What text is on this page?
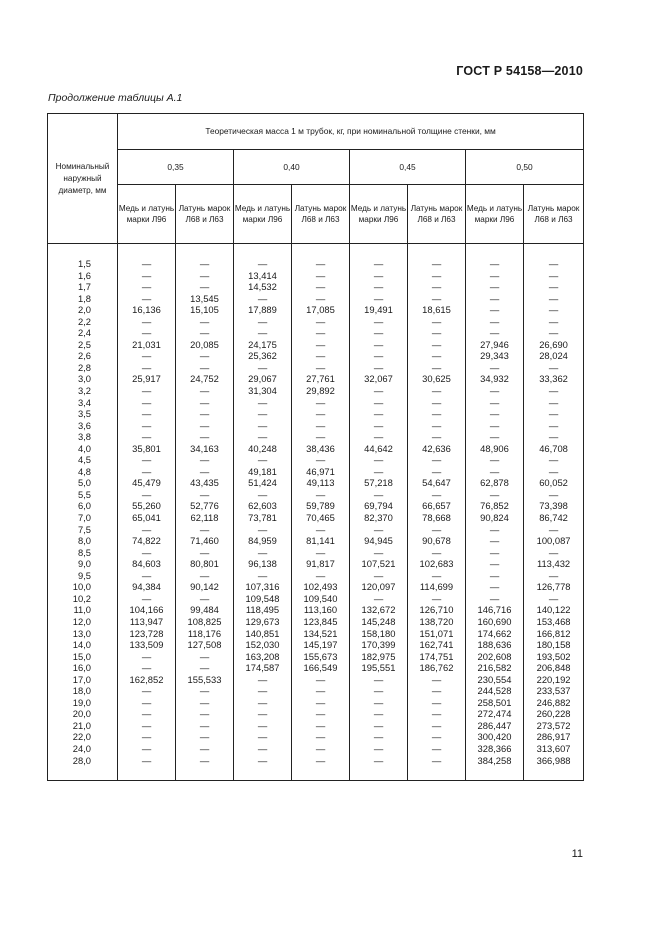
ГОСТ Р 54158—2010
Продолжение таблицы А.1
Номинальный наружный диаметр, мм	Теоретическая масса 1 м трубок, кг, при номинальной толщине стенки, мм							
	0,35		0,40		0,45		0,50	
	Медь и латунь марки Л96	Латунь марок Л68 и Л63	Медь и латунь марки Л96	Латунь марок Л68 и Л63	Медь и латунь марки Л96	Латунь марок Л68 и Л63	Медь и латунь марки Л96	Латунь марок Л68 и Л63

1,5	—	—	—	—	—	—	—	—
1,6	—	—	13,414	—	—	—	—	—
1,7	—	—	14,532	—	—	—	—	—
1,8	—	13,545	—	—	—	—	—	—
2,0	16,136	15,105	17,889	17,085	19,491	18,615	—	—
2,2	—	—	—	—	—	—	—	—
2,4	—	—	—	—	—	—	—	—
2,5	21,031	20,085	24,175	—	—	—	27,946	26,690
2,6	—	—	25,362	—	—	—	29,343	28,024
2,8	—	—	—	—	—	—	—	—
3,0	25,917	24,752	29,067	27,761	32,067	30,625	34,932	33,362
3,2	—	—	31,304	29,892	—	—	—	—
3,4	—	—	—	—	—	—	—	—
3,5	—	—	—	—	—	—	—	—
3,6	—	—	—	—	—	—	—	—
3,8	—	—	—	—	—	—	—	—
4,0	35,801	34,163	40,248	38,436	44,642	42,636	48,906	46,708
4,5	—	—	—	—	—	—	—	—
4,8	—	—	49,181	46,971	—	—	—	—
5,0	45,479	43,435	51,424	49,113	57,218	54,647	62,878	60,052
5,5	—	—	—	—	—	—	—	—
6,0	55,260	52,776	62,603	59,789	69,794	66,657	76,852	73,398
7,0	65,041	62,118	73,781	70,465	82,370	78,668	90,824	86,742
7,5	—	—	—	—	—	—	—	—
8,0	74,822	71,460	84,959	81,141	94,945	90,678	—	100,087
8,5	—	—	—	—	—	—	—	—
9,0	84,603	80,801	96,138	91,817	107,521	102,683	—	113,432
9,5	—	—	—	—	—	—	—	—
10,0	94,384	90,142	107,316	102,493	120,097	114,699	—	126,778
10,2	—	—	109,548	109,540	—	—	—	—
11,0	104,166	99,484	118,495	113,160	132,672	126,710	146,716	140,122
12,0	113,947	108,825	129,673	123,845	145,248	138,720	160,690	153,468
13,0	123,728	118,176	140,851	134,521	158,180	151,071	174,662	166,812
14,0	133,509	127,508	152,030	145,197	170,399	162,741	188,636	180,158
15,0	—	—	163,208	155,673	182,975	174,751	202,608	193,502
16,0	—	—	174,587	166,549	195,551	186,762	216,582	206,848
17,0	162,852	155,533	—	—	—	—	230,554	220,192
18,0	—	—	—	—	—	—	244,528	233,537
19,0	—	—	—	—	—	—	258,501	246,882
20,0	—	—	—	—	—	—	272,474	260,228
21,0	—	—	—	—	—	—	286,447	273,572
22,0	—	—	—	—	—	—	300,420	286,917
24,0	—	—	—	—	—	—	328,366	313,607
28,0	—	—	—	—	—	—	384,258	366,988

11
